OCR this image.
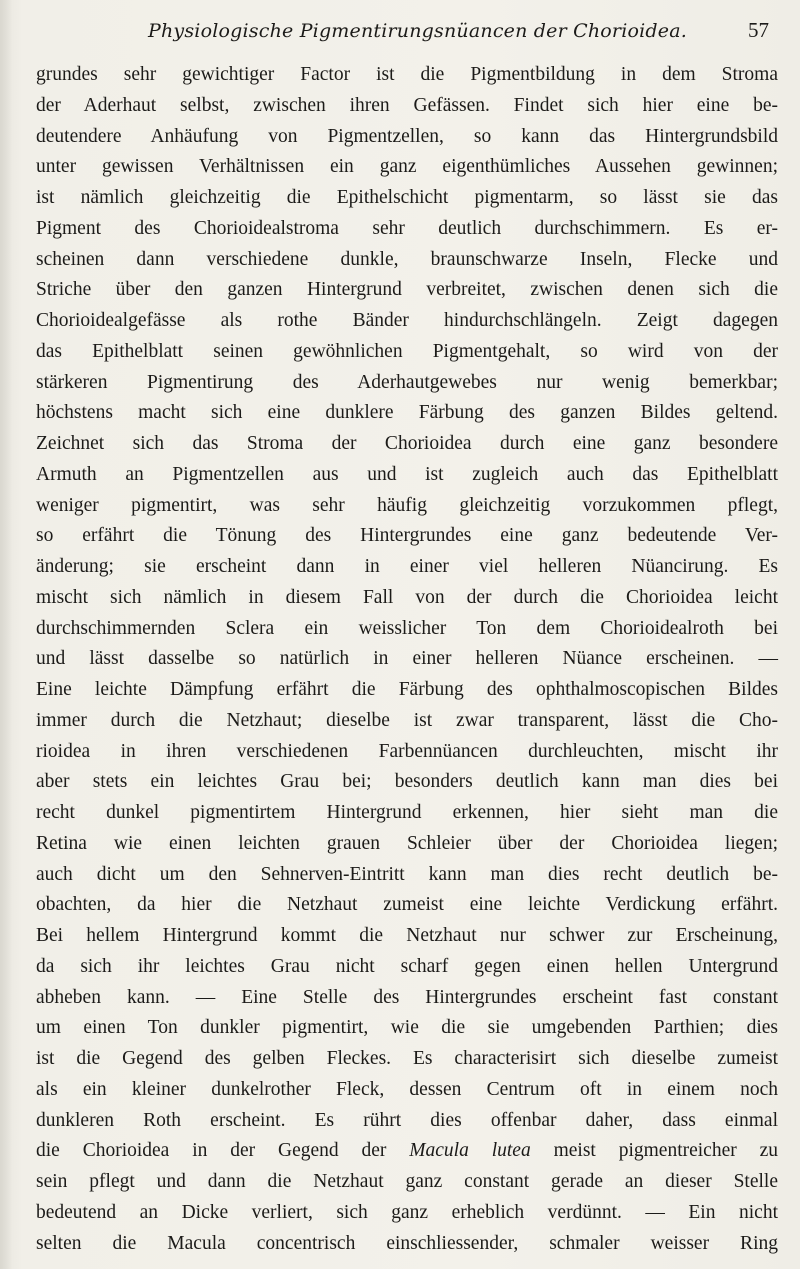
Physiologische Pigmentirungsnüancen der Chorioidea.	57
grundes sehr gewichtiger Factor ist die Pigmentbildung in dem Stroma
der Aderhaut selbst, zwischen ihren Gefässen. Findet sich hier eine be-
deutendere Anhäufung von Pigmentzellen, so kann das Hintergrundsbild
unter gewissen Verhältnissen ein ganz eigenthümliches Aussehen gewinnen;
ist nämlich gleichzeitig die Epithelschicht pigmentarm, so lässt sie das
Pigment des Chorioidealstroma sehr deutlich durchschimmern. Es er-
scheinen dann verschiedene dunkle, braunschwarze Inseln, Flecke und
Striche über den ganzen Hintergrund verbreitet, zwischen denen sich die
Chorioidealgefässe als rothe Bänder hindurchschlängeln. Zeigt dagegen
das Epithelblatt seinen gewöhnlichen Pigmentgehalt, so wird von der
stärkeren Pigmentirung des Aderhautgewebes nur wenig bemerkbar;
höchstens macht sich eine dunklere Färbung des ganzen Bildes geltend.
Zeichnet sich das Stroma der Chorioidea durch eine ganz besondere
Armuth an Pigmentzellen aus und ist zugleich auch das Epithelblatt
weniger pigmentirt, was sehr häufig gleichzeitig vorzukommen pflegt,
so erfährt die Tönung des Hintergrundes eine ganz bedeutende Ver-
änderung; sie erscheint dann in einer viel helleren Nüancirung. Es
mischt sich nämlich in diesem Fall von der durch die Chorioidea leicht
durchschimmernden Sclera ein weisslicher Ton dem Chorioidealroth bei
und lässt dasselbe so natürlich in einer helleren Nüance erscheinen. —
Eine leichte Dämpfung erfährt die Färbung des ophthalmoscopischen Bildes
immer durch die Netzhaut; dieselbe ist zwar transparent, lässt die Cho-
rioidea in ihren verschiedenen Farbennüancen durchleuchten, mischt ihr
aber stets ein leichtes Grau bei; besonders deutlich kann man dies bei
recht dunkel pigmentirtem Hintergrund erkennen, hier sieht man die
Retina wie einen leichten grauen Schleier über der Chorioidea liegen;
auch dicht um den Sehnerven-Eintritt kann man dies recht deutlich be-
obachten, da hier die Netzhaut zumeist eine leichte Verdickung erfährt.
Bei hellem Hintergrund kommt die Netzhaut nur schwer zur Erscheinung,
da sich ihr leichtes Grau nicht scharf gegen einen hellen Untergrund
abheben kann. — Eine Stelle des Hintergrundes erscheint fast constant
um einen Ton dunkler pigmentirt, wie die sie umgebenden Parthien; dies
ist die Gegend des gelben Fleckes. Es characterisirt sich dieselbe zumeist
als ein kleiner dunkelrother Fleck, dessen Centrum oft in einem noch
dunkleren Roth erscheint. Es rührt dies offenbar daher, dass einmal
die Chorioidea in der Gegend der Macula lutea meist pigmentreicher zu
sein pflegt und dann die Netzhaut ganz constant gerade an dieser Stelle
bedeutend an Dicke verliert, sich ganz erheblich verdünnt. — Ein nicht
selten die Macula concentrisch einschliessender, schmaler weisser Ring
